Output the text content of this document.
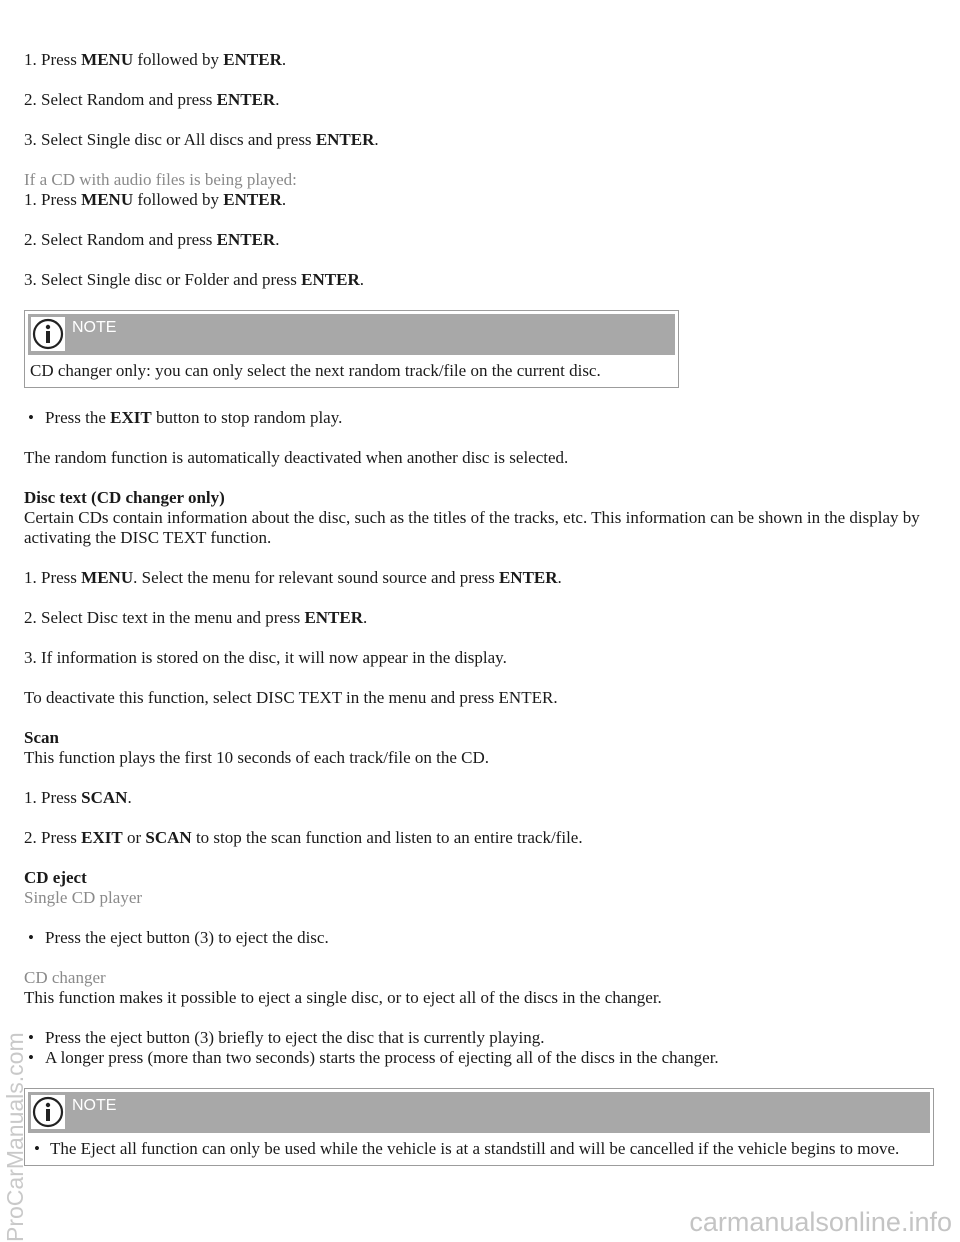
1. Press MENU followed by ENTER.

2. Select Random and press ENTER.

3. Select Single disc or All discs and press ENTER.

If a CD with audio files is being played:

1. Press MENU followed by ENTER.

2. Select Random and press ENTER.

3. Select Single disc or Folder and press ENTER.

NOTE
CD changer only: you can only select the next random track/file on the current disc.
• Press the EXIT button to stop random play.

The random function is automatically deactivated when another disc is selected.

Disc text (CD changer only)

Certain CDs contain information about the disc, such as the titles of the tracks, etc. This information can be shown in the display by activating the DISC TEXT function.

1. Press MENU. Select the menu for relevant sound source and press ENTER.

2. Select Disc text in the menu and press ENTER.

3. If information is stored on the disc, it will now appear in the display.

To deactivate this function, select DISC TEXT in the menu and press ENTER.

Scan

This function plays the first 10 seconds of each track/file on the CD.

1. Press SCAN.

2. Press EXIT or SCAN to stop the scan function and listen to an entire track/file.

CD eject

Single CD player

• Press the eject button (3) to eject the disc.

CD changer

This function makes it possible to eject a single disc, or to eject all of the discs in the changer.

• Press the eject button (3) briefly to eject the disc that is currently playing.
• A longer press (more than two seconds) starts the process of ejecting all of the discs in the changer.
NOTE
• The Eject all function can only be used while the vehicle is at a standstill and will be cancelled if the vehicle begins to move.
ProCarManuals.com	carmanualsonline.info
